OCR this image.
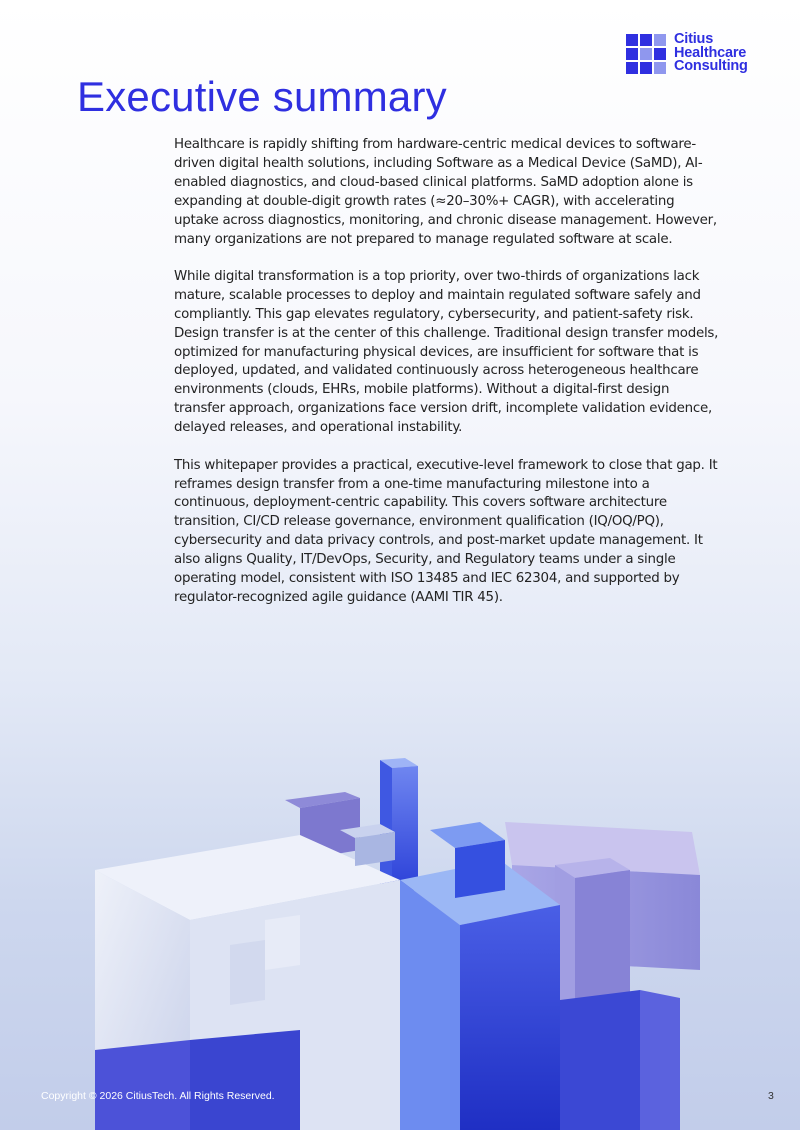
Citius
Healthcare
Consulting
Executive summary

Healthcare is rapidly shifting from hardware-centric medical devices to software-driven digital health solutions, including Software as a Medical Device (SaMD), AI-enabled diagnostics, and cloud-based clinical platforms. SaMD adoption alone is expanding at double-digit growth rates (≈20–30%+ CAGR), with accelerating uptake across diagnostics, monitoring, and chronic disease management. However, many organizations are not prepared to manage regulated software at scale.

While digital transformation is a top priority, over two-thirds of organizations lack mature, scalable processes to deploy and maintain regulated software safely and compliantly. This gap elevates regulatory, cybersecurity, and patient-safety risk. Design transfer is at the center of this challenge. Traditional design transfer models, optimized for manufacturing physical devices, are insufficient for software that is deployed, updated, and validated continuously across heterogeneous healthcare environments (clouds, EHRs, mobile platforms). Without a digital-first design transfer approach, organizations face version drift, incomplete validation evidence, delayed releases, and operational instability.

This whitepaper provides a practical, executive-level framework to close that gap. It reframes design transfer from a one-time manufacturing milestone into a continuous, deployment-centric capability. This covers software architecture transition, CI/CD release governance, environment qualification (IQ/OQ/PQ), cybersecurity and data privacy controls, and post-market update management. It also aligns Quality, IT/DevOps, Security, and Regulatory teams under a single operating model, consistent with ISO 13485 and IEC 62304, and supported by regulator-recognized agile guidance (AAMI TIR 45).

Copyright © 2026 CitiusTech. All Rights Reserved.	3
